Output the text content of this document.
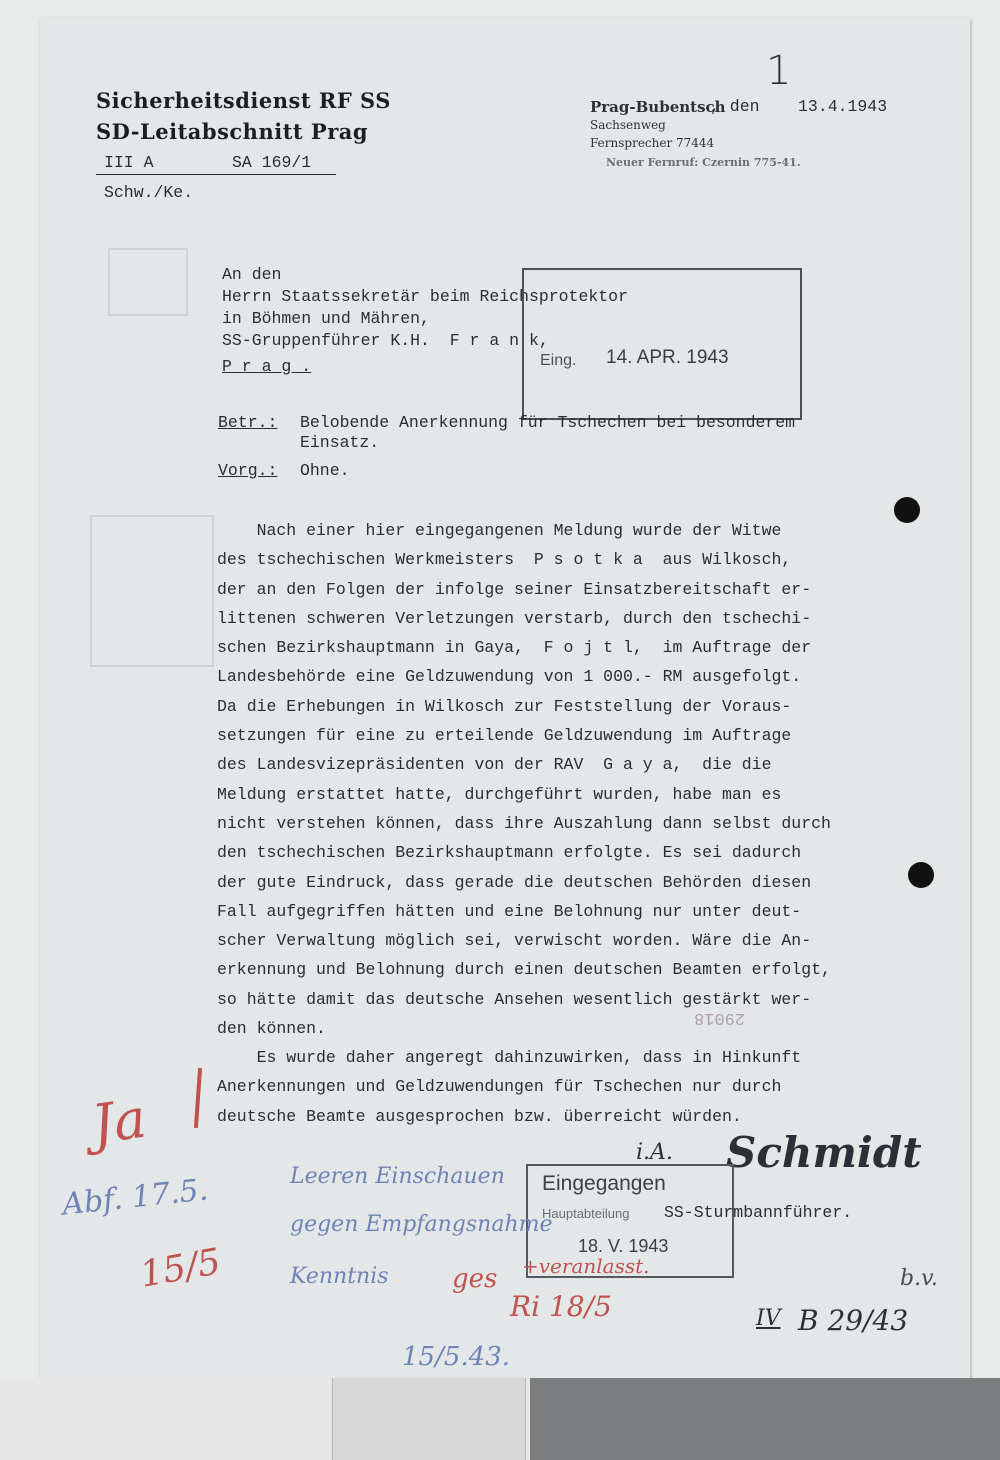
1
Sicherheitsdienst RF SS
SD-Leitabschnitt Prag
III A	SA 169/1
Schw./Ke.
Prag-Bubentsch
, den 13.4.1943
Sachsenweg
Fernsprecher 77444
Neuer Fernruf: Czernin 775-41.
An den
Herrn Staatssekretär beim Reichsprotektor
in Böhmen und Mähren,
SS-Gruppenführer K.H.  F r a n k,
P r a g .	Eing. 14. APR. 1943
Betr.: Belobende Anerkennung für Tschechen bei besonderem
Einsatz.
Vorg.: Ohne.
Nach einer hier eingegangenen Meldung wurde der Witwe
des tschechischen Werkmeisters  P s o t k a  aus Wilkosch,
der an den Folgen der infolge seiner Einsatzbereitschaft er-
littenen schweren Verletzungen verstarb, durch den tschechi-
schen Bezirkshauptmann in Gaya,  F o j t l,  im Auftrage der
Landesbehörde eine Geldzuwendung von 1 000.- RM ausgefolgt.
Da die Erhebungen in Wilkosch zur Feststellung der Voraus-
setzungen für eine zu erteilende Geldzuwendung im Auftrage
des Landesvizepräsidenten von der RAV  G a y a,  die die
Meldung erstattet hatte, durchgeführt wurden, habe man es
nicht verstehen können, dass ihre Auszahlung dann selbst durch
den tschechischen Bezirkshauptmann erfolgte. Es sei dadurch
der gute Eindruck, dass gerade die deutschen Behörden diesen
Fall aufgegriffen hätten und eine Belohnung nur unter deut-
scher Verwaltung möglich sei, verwischt worden. Wäre die An-
erkennung und Belohnung durch einen deutschen Beamten erfolgt,
so hätte damit das deutsche Ansehen wesentlich gestärkt wer-
den können.
Es wurde daher angeregt dahinzuwirken, dass in Hinkunft
Anerkennungen und Geldzuwendungen für Tschechen nur durch
deutsche Beamte ausgesprochen bzw. überreicht würden.
i.A. Schmidt
SS-Sturmbannführer.
Eingegangen
Hauptabteilung
18. V. 1943
Ja
15/5	ges +veranlasst.
Ri 18/5
Abf. 17.5.	Leeren Einschauen
gegen Empfangsnahme
Kenntnis
15/5.43.
IV B 29/43
b.v.
29018
